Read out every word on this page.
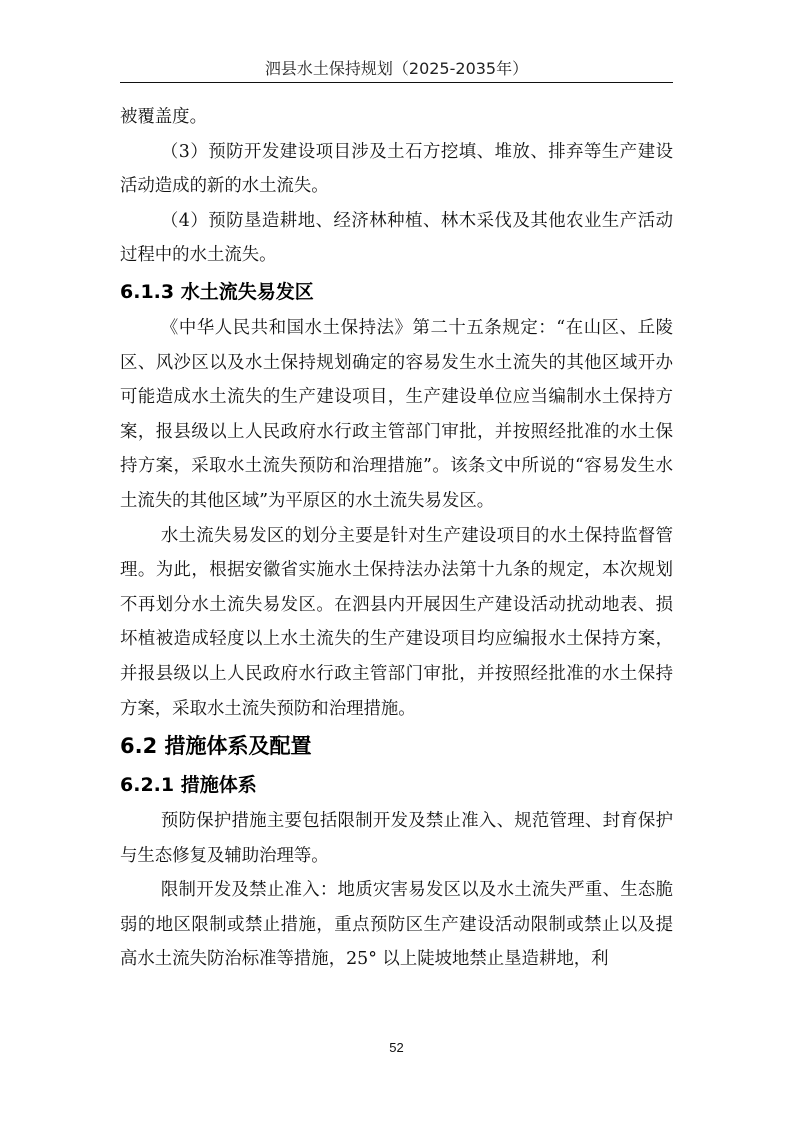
泗县水土保持规划（2025-2035年）

被覆盖度。

（3）预防开发建设项目涉及土石方挖填、堆放、排弃等生产建设活动造成的新的水土流失。

（4）预防垦造耕地、经济林种植、林木采伐及其他农业生产活动过程中的水土流失。

6.1.3 水土流失易发区

《中华人民共和国水土保持法》第二十五条规定：“在山区、丘陵区、风沙区以及水土保持规划确定的容易发生水土流失的其他区域开办可能造成水土流失的生产建设项目，生产建设单位应当编制水土保持方案，报县级以上人民政府水行政主管部门审批，并按照经批准的水土保持方案，采取水土流失预防和治理措施”。该条文中所说的“容易发生水土流失的其他区域”为平原区的水土流失易发区。

水土流失易发区的划分主要是针对生产建设项目的水土保持监督管理。为此，根据安徽省实施水土保持法办法第十九条的规定，本次规划不再划分水土流失易发区。在泗县内开展因生产建设活动扰动地表、损坏植被造成轻度以上水土流失的生产建设项目均应编报水土保持方案，并报县级以上人民政府水行政主管部门审批，并按照经批准的水土保持方案，采取水土流失预防和治理措施。

6.2 措施体系及配置
6.2.1 措施体系

预防保护措施主要包括限制开发及禁止准入、规范管理、封育保护与生态修复及辅助治理等。

限制开发及禁止准入：地质灾害易发区以及水土流失严重、生态脆弱的地区限制或禁止措施，重点预防区生产建设活动限制或禁止以及提高水土流失防治标准等措施，25° 以上陡坡地禁止垦造耕地，利

52
